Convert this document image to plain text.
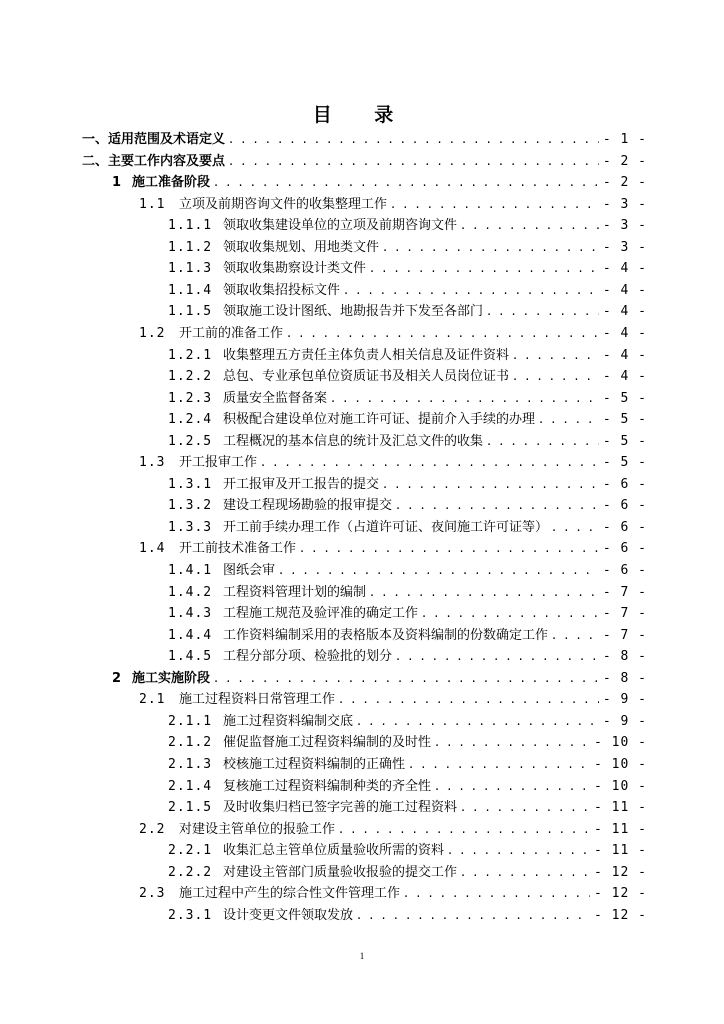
目 录
一、适用范围及术语定义 . . .	- 1 -
二、主要工作内容及要点 . . .	- 2 -
1 施工准备阶段 . . .	- 2 -
1.1	立项及前期咨询文件的收集整理工作 . . .	- 3 -
1.1.1 领取收集建设单位的立项及前期咨询文件 . . .	- 3 -
1.1.2 领取收集规划、用地类文件 . . .	- 3 -
1.1.3 领取收集勘察设计类文件 . . .	- 4 -
1.1.4 领取收集招投标文件 . . .	- 4 -
1.1.5 领取施工设计图纸、地勘报告并下发至各部门 . . .	- 4 -
1.2	开工前的准备工作 . . .	- 4 -
1.2.1 收集整理五方责任主体负责人相关信息及证件资料 . . .	- 4 -
1.2.2 总包、专业承包单位资质证书及相关人员岗位证书 . . .	- 4 -
1.2.3 质量安全监督备案 . . .	- 5 -
1.2.4 积极配合建设单位对施工许可证、提前介入手续的办理 . . .	- 5 -
1.2.5 工程概况的基本信息的统计及汇总文件的收集 . . .	- 5 -
1.3	开工报审工作 . . .	- 5 -
1.3.1 开工报审及开工报告的提交 . . .	- 6 -
1.3.2 建设工程现场勘验的报审提交 . . .	- 6 -
1.3.3 开工前手续办理工作（占道许可证、夜间施工许可证等） . . .	- 6 -
1.4	开工前技术准备工作 . . .	- 6 -
1.4.1 图纸会审 . . .	- 6 -
1.4.2 工程资料管理计划的编制 . . .	- 7 -
1.4.3 工程施工规范及验评准的确定工作 . . .	- 7 -
1.4.4 工作资料编制采用的表格版本及资料编制的份数确定工作 . . .	- 7 -
1.4.5 工程分部分项、检验批的划分 . . .	- 8 -
2 施工实施阶段 . . .	- 8 -
2.1	施工过程资料日常管理工作 . . .	- 9 -
2.1.1 施工过程资料编制交底 . . .	- 9 -
2.1.2 催促监督施工过程资料编制的及时性 . . .	- 10 -
2.1.3 校核施工过程资料编制的正确性 . . .	- 10 -
2.1.4 复核施工过程资料编制种类的齐全性 . . .	- 10 -
2.1.5 及时收集归档已签字完善的施工过程资料 . . .	- 11 -
2.2	对建设主管单位的报验工作 . . .	- 11 -
2.2.1 收集汇总主管单位质量验收所需的资料 . . .	- 11 -
2.2.2 对建设主管部门质量验收报验的提交工作 . . .	- 12 -
2.3	施工过程中产生的综合性文件管理工作 . . .	- 12 -
2.3.1 设计变更文件领取发放 . . .	- 12 -
1
